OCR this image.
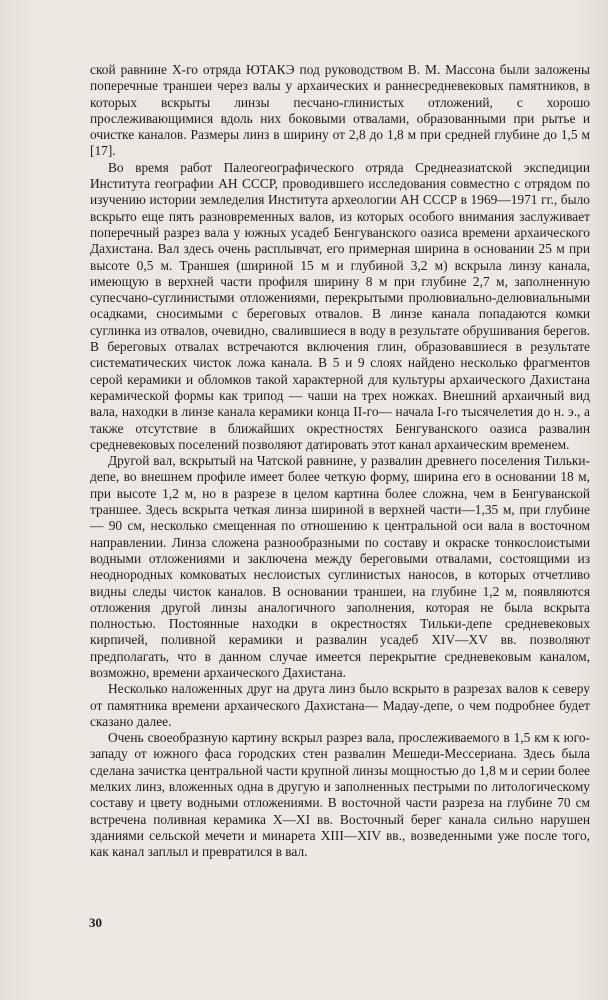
ской равнине X-го отряда ЮТАКЭ под руководством В. М. Массона были заложены поперечные траншеи через валы у архаических и раннесредневековых памятников, в которых вскрыты линзы песчано-глинистых отложений, с хорошо прослеживающимися вдоль них боковыми отвалами, образованными при рытье и очистке каналов. Размеры линз в ширину от 2,8 до 1,8 м при средней глубине до 1,5 м [17].

Во время работ Палеогеографического отряда Среднеазиатской экспедиции Института географии АН СССР, проводившего исследования совместно с отрядом по изучению истории земледелия Института археологии АН СССР в 1969—1971 гг., было вскрыто еще пять разновременных валов, из которых особого внимания заслуживает поперечный разрез вала у южных усадеб Бенгуванского оазиса времени архаического Дахистана. Вал здесь очень расплывчат, его примерная ширина в основании 25 м при высоте 0,5 м. Траншея (шириной 15 м и глубиной 3,2 м) вскрыла линзу канала, имеющую в верхней части профиля ширину 8 м при глубине 2,7 м, заполненную супесчано-суглинистыми отложениями, перекрытыми пролювиально-делювиальными осадками, сносимыми с береговых отвалов. В линзе канала попадаются комки суглинка из отвалов, очевидно, свалившиеся в воду в результате обрушивания берегов. В береговых отвалах встречаются включения глин, образовавшиеся в результате систематических чисток ложа канала. В 5 и 9 слоях найдено несколько фрагментов серой керамики и обломков такой характерной для культуры архаического Дахистана керамической формы как трипод — чаши на трех ножках. Внешний архаичный вид вала, находки в линзе канала керамики конца II-го— начала I-го тысячелетия до н. э., а также отсутствие в ближайших окрестностях Бенгуванского оазиса развалин средневековых поселений позволяют датировать этот канал архаическим временем.

Другой вал, вскрытый на Чатской равнине, у развалин древнего поселения Тильки-депе, во внешнем профиле имеет более четкую форму, ширина его в основании 18 м, при высоте 1,2 м, но в разрезе в целом картина более сложна, чем в Бенгуванской траншее. Здесь вскрыта четкая линза шириной в верхней части—1,35 м, при глубине — 90 см, несколько смещенная по отношению к центральной оси вала в восточном направлении. Линза сложена разнообразными по составу и окраске тонкослоистыми водными отложениями и заключена между береговыми отвалами, состоящими из неоднородных комковатых неслоистых суглинистых наносов, в которых отчетливо видны следы чисток каналов. В основании траншеи, на глубине 1,2 м, появляются отложения другой линзы аналогичного заполнения, которая не была вскрыта полностью. Постоянные находки в окрестностях Тильки-депе средневековых кирпичей, поливной керамики и развалин усадеб XIV—XV вв. позволяют предполагать, что в данном случае имеется перекрытие средневековым каналом, возможно, времени архаического Дахистана.

Несколько наложенных друг на друга линз было вскрыто в разрезах валов к северу от памятника времени архаического Дахистана— Мадау-депе, о чем подробнее будет сказано далее.

Очень своеобразную картину вскрыл разрез вала, прослеживаемого в 1,5 км к юго-западу от южного фаса городских стен развалин Мешеди-Мессериана. Здесь была сделана зачистка центральной части крупной линзы мощностью до 1,8 м и серии более мелких линз, вложенных одна в другую и заполненных пестрыми по литологическому составу и цвету водными отложениями. В восточной части разреза на глубине 70 см встречена поливная керамика X—XI вв. Восточный берег канала сильно нарушен зданиями сельской мечети и минарета XIII—XIV вв., возведенными уже после того, как канал заплыл и превратился в вал.

30
